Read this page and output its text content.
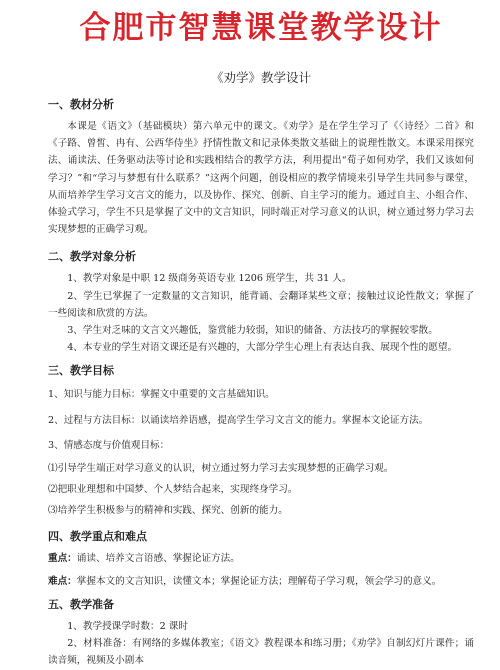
合肥市智慧课堂教学设计
《劝学》教学设计
一、教材分析

本课是《语文》（基础模块）第六单元中的课文。《劝学》是在学生学习了《〈诗经〉二首》和《子路、曾皙、冉有、公西华侍坐》抒情性散文和记录体类散文基础上的说理性散文。本课采用探究法、诵读法、任务驱动法等讨论和实践相结合的教学方法，利用提出“荀子如何劝学，我们又该如何学习？”和“学习与梦想有什么联系？”这两个问题，创设相应的教学情境来引导学生共同参与课堂，从而培养学生学习文言文的能力，以及协作、探究、创新、自主学习的能力。通过自主、小组合作、体验式学习，学生不只是掌握了文中的文言知识，同时端正对学习意义的认识，树立通过努力学习去实现梦想的正确学习观。

二、教学对象分析

1、教学对象是中职 12 级商务英语专业 1206 班学生，共 31 人。

2、学生已掌握了一定数量的文言知识，能背诵、会翻译某些文章；接触过议论性散文；掌握了一些阅读和欣赏的方法。

3、学生对乏味的文言文兴趣低，鉴赏能力较弱，知识的储备、方法技巧的掌握较零散。

4、本专业的学生对语文课还是有兴趣的，大部分学生心理上有表达自我、展现个性的愿望。

三、教学目标

1、知识与能力目标：掌握文中重要的文言基础知识。

2、过程与方法目标：以诵读培养语感，提高学生学习文言文的能力。掌握本文论证方法。

3、情感态度与价值观目标：

⑴引导学生端正对学习意义的认识，树立通过努力学习去实现梦想的正确学习观。

⑵把职业理想和中国梦、个人梦结合起来，实现终身学习。

⑶培养学生积极参与的精神和实践、探究、创新的能力。

四、教学重点和难点

重点：诵读、培养文言语感、掌握论证方法。

难点：掌握本文的文言知识，读懂文本；掌握论证方法；理解荀子学习观，领会学习的意义。

五、教学准备

1、教学授课学时数：2 课时

2、材料准备：有网络的多媒体教室；《语文》教程课本和练习册；《劝学》自制幻灯片课件；诵读音频，视频及小剧本
